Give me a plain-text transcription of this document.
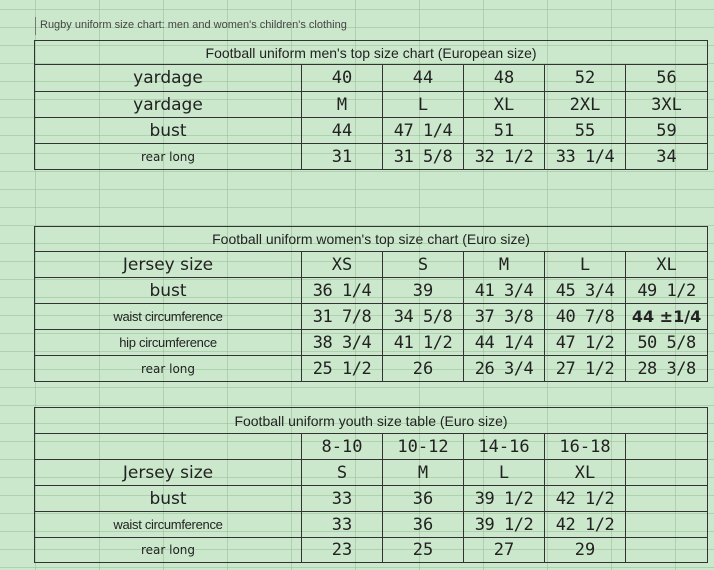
Rugby uniform size chart: men and women's children's clothing
Football uniform men's top size chart (European size)					
yardage	40	44	48	52	56
yardage	M	L	XL	2XL	3XL
bust	44	47 1/4	51	55	59
rear long	31	31 5/8	32 1/2	33 1/4	34
Football uniform women's top size chart (Euro size)					
Jersey size	XS	S	M	L	XL
bust	36 1/4	39	41 3/4	45 3/4	49 1/2
waist circumference	31 7/8	34 5/8	37 3/8	40 7/8	44 ±1/4
hip circumference	38 3/4	41 1/2	44 1/4	47 1/2	50 5/8
rear long	25 1/2	26	26 3/4	27 1/2	28 3/8
Football uniform youth size table (Euro size)					
	8-10	10-12	14-16	16-18	
Jersey size	S	M	L	XL	
bust	33	36	39 1/2	42 1/2	
waist circumference	33	36	39 1/2	42 1/2	
rear long	23	25	27	29	
